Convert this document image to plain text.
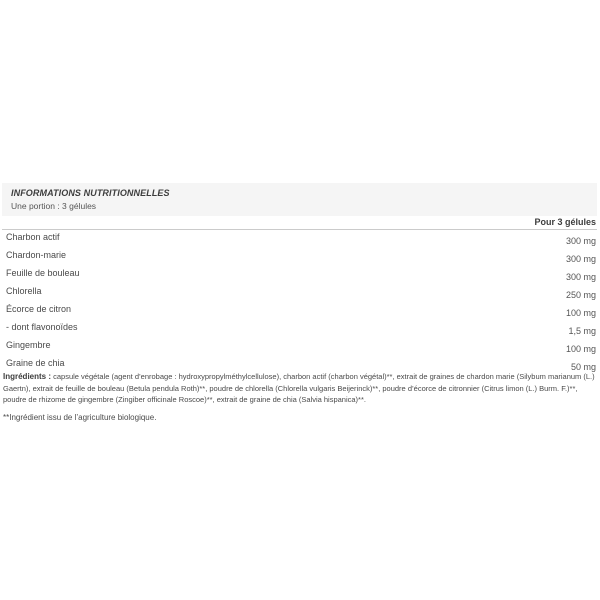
INFORMATIONS NUTRITIONNELLES
Une portion : 3 gélules
Pour 3 gélules
Charbon actif	300 mg
Chardon-marie	300 mg
Feuille de bouleau	300 mg
Chlorella	250 mg
Écorce de citron	100 mg
- dont flavonoïdes	1,5 mg
Gingembre	100 mg
Graine de chia	50 mg
Ingrédients : capsule végétale (agent d’enrobage : hydroxypropylméthylcellulose), charbon actif (charbon végétal)**, extrait de graines de chardon marie (Silybum marianum (L.) Gaertn), extrait de feuille de bouleau (Betula pendula Roth)**, poudre de chlorella (Chlorella vulgaris Beijerinck)**, poudre d’écorce de citronnier (Citrus limon (L.) Burm. F.)**, poudre de rhizome de gingembre (Zingiber officinale Roscoe)**, extrait de graine de chia (Salvia hispanica)**.
**Ingrédient issu de l’agriculture biologique.
